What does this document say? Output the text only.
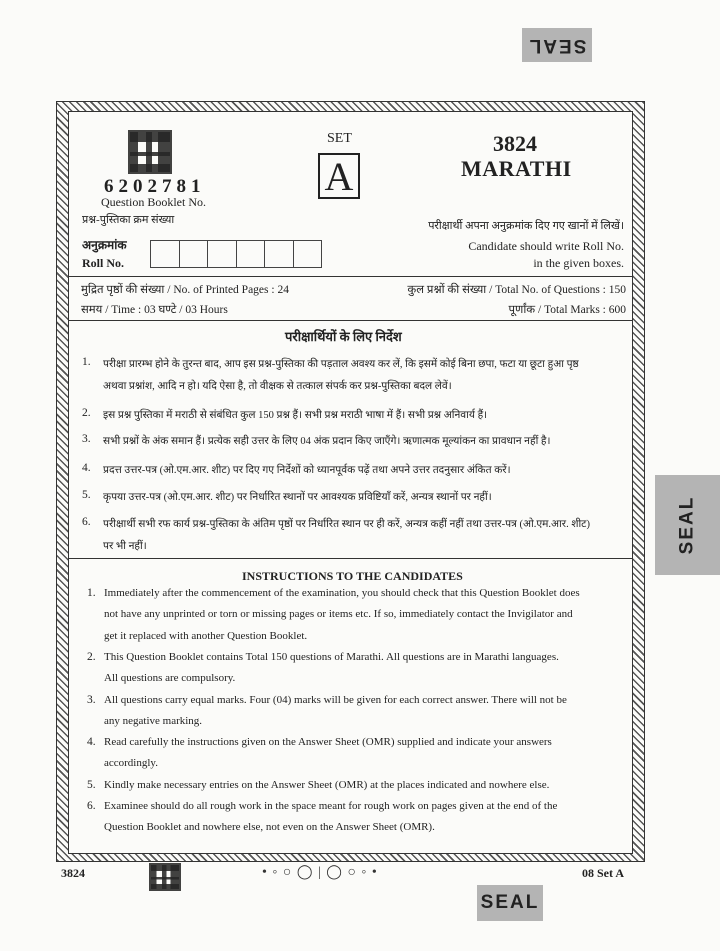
SEAL
SET
A
3824
MARATHI
6202781
Question Booklet No.
प्रश्न-पुस्तिका क्रम संख्या
अनुक्रमांक
Roll No.
परीक्षार्थी अपना अनुक्रमांक दिए गए खानों में लिखें।
Candidate should write Roll No.
in the given boxes.
मुद्रित पृष्ठों की संख्या / No. of Printed Pages : 24	कुल प्रश्नों की संख्या / Total No. of Questions : 150
समय / Time : 03 घण्टे / 03 Hours	पूर्णांक / Total Marks : 600
परीक्षार्थियों के लिए निर्देश
1. परीक्षा प्रारम्भ होने के तुरन्त बाद, आप इस प्रश्न-पुस्तिका की पड़ताल अवश्य कर लें, कि इसमें कोई बिना छपा, फटा या छूटा हुआ पृष्ठ
अथवा प्रश्नांश, आदि न हो। यदि ऐसा है, तो वीक्षक से तत्काल संपर्क कर प्रश्न-पुस्तिका बदल लेवें।
2. इस प्रश्न पुस्तिका में मराठी से संबंधित कुल 150 प्रश्न हैं। सभी प्रश्न मराठी भाषा में हैं। सभी प्रश्न अनिवार्य हैं।
3. सभी प्रश्नों के अंक समान हैं। प्रत्येक सही उत्तर के लिए 04 अंक प्रदान किए जाएँगे। ऋणात्मक मूल्यांकन का प्रावधान नहीं है।
4. प्रदत्त उत्तर-पत्र (ओ.एम.आर. शीट) पर दिए गए निर्देशों को ध्यानपूर्वक पढ़ें तथा अपने उत्तर तदनुसार अंकित करें।
5. कृपया उत्तर-पत्र (ओ.एम.आर. शीट) पर निर्धारित स्थानों पर आवश्यक प्रविष्टियाँ करें, अन्यत्र स्थानों पर नहीं।
6. परीक्षार्थी सभी रफ कार्य प्रश्न-पुस्तिका के अंतिम पृष्ठों पर निर्धारित स्थान पर ही करें, अन्यत्र कहीं नहीं तथा उत्तर-पत्र (ओ.एम.आर. शीट)
पर भी नहीं।
INSTRUCTIONS TO THE CANDIDATES
1. Immediately after the commencement of the examination, you should check that this Question Booklet does
not have any unprinted or torn or missing pages or items etc. If so, immediately contact the Invigilator and
get it replaced with another Question Booklet.
2. This Question Booklet contains Total 150 questions of Marathi. All questions are in Marathi languages.
All questions are compulsory.
3. All questions carry equal marks. Four (04) marks will be given for each correct answer. There will not be
any negative marking.
4. Read carefully the instructions given on the Answer Sheet (OMR) supplied and indicate your answers
accordingly.
5. Kindly make necessary entries on the Answer Sheet (OMR) at the places indicated and nowhere else.
6. Examinee should do all rough work in the space meant for rough work on pages given at the end of the
Question Booklet and nowhere else, not even on the Answer Sheet (OMR).
3824	• ◦ ○ ◯ | ◯ ○ ◦ •	08 Set A
SEAL
SEAL
